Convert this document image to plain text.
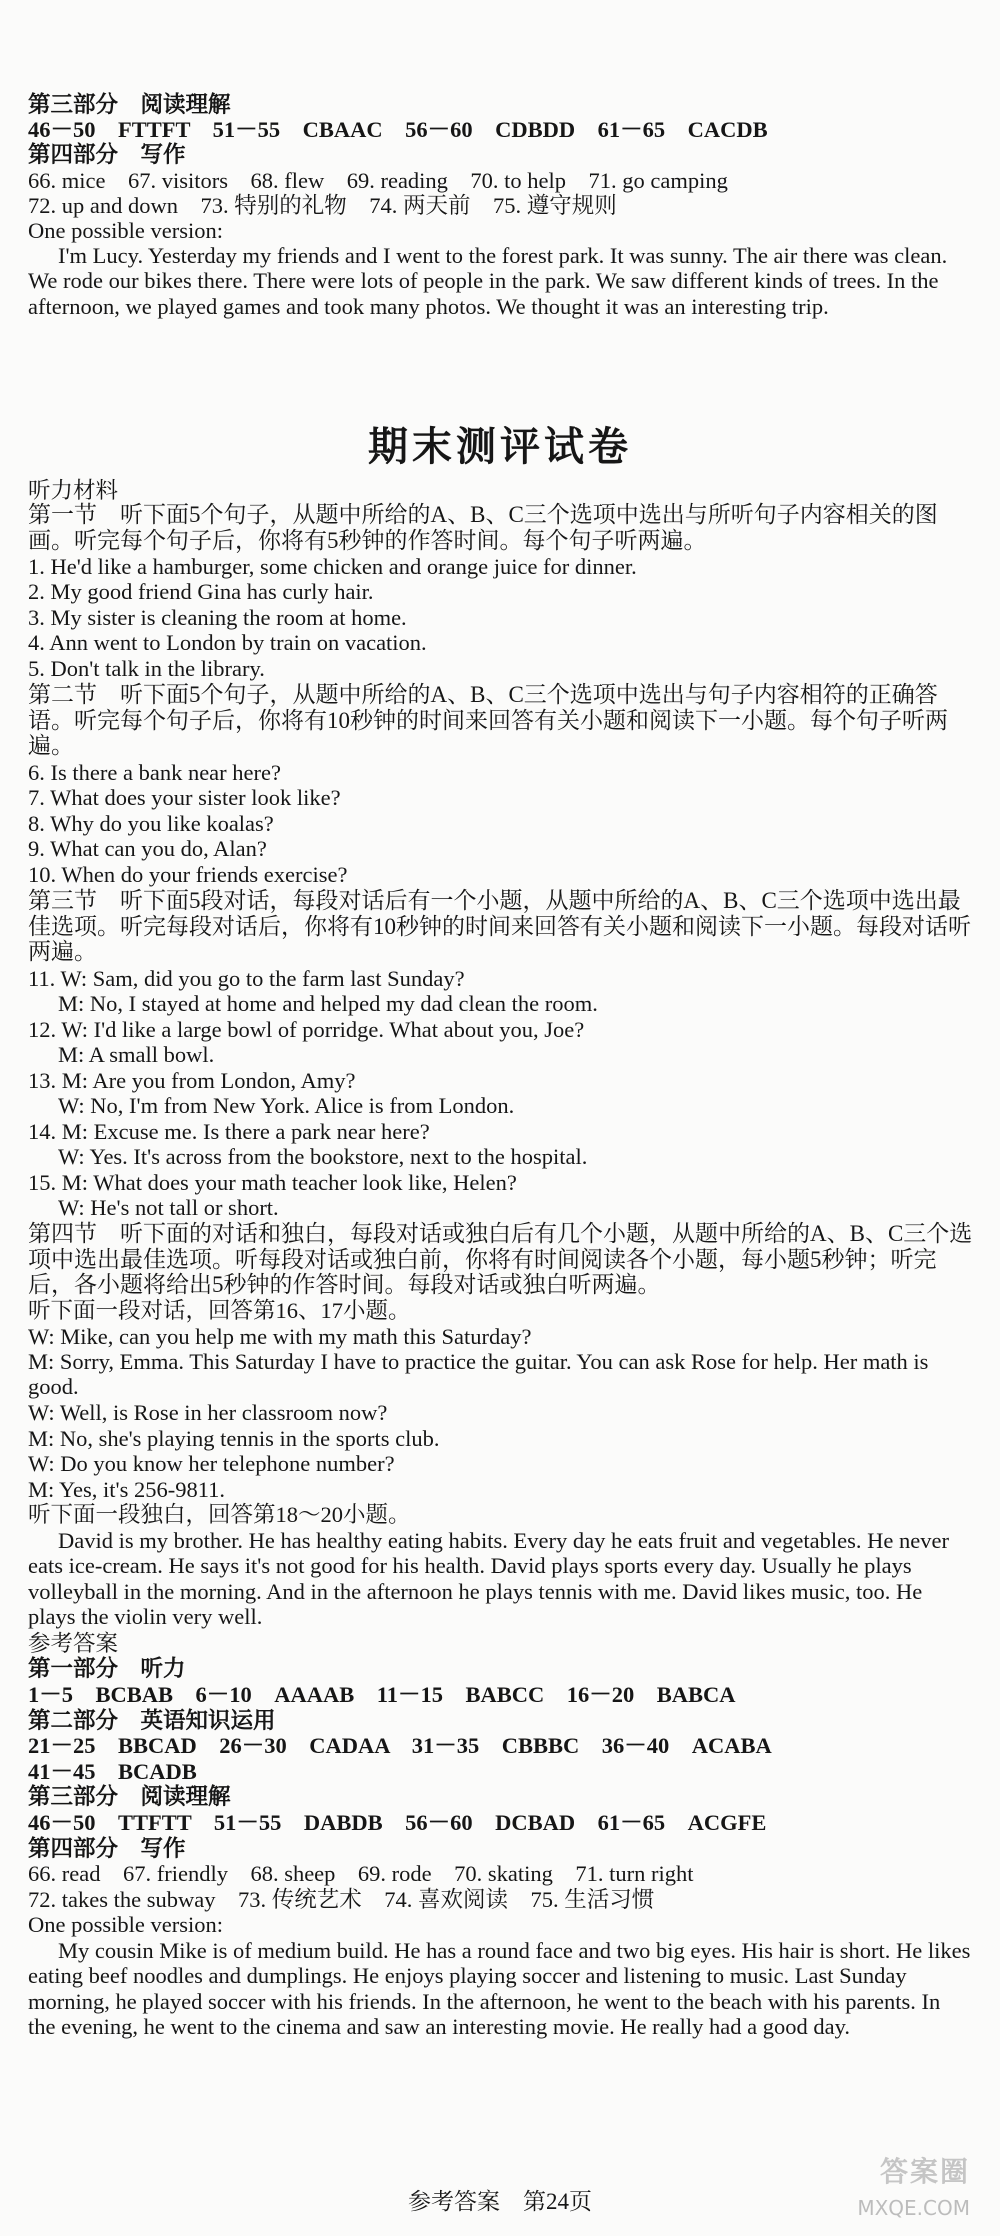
第三部分　阅读理解
46－50　FTTFT　51－55　CBAAC　56－60　CDBDD　61－65　CACDB
第四部分　写作
66. mice　67. visitors　68. flew　69. reading　70. to help　71. go camping
72. up and down　73. 特别的礼物　74. 两天前　75. 遵守规则
One possible version:
I'm Lucy. Yesterday my friends and I went to the forest park. It was sunny. The air there was clean. We rode our bikes there. There were lots of people in the park. We saw different kinds of trees. In the afternoon, we played games and took many photos. We thought it was an interesting trip.
期末测评试卷
听力材料
第一节　听下面5个句子，从题中所给的A、B、C三个选项中选出与所听句子内容相关的图画。听完每个句子后，你将有5秒钟的作答时间。每个句子听两遍。
1. He'd like a hamburger, some chicken and orange juice for dinner.
2. My good friend Gina has curly hair.
3. My sister is cleaning the room at home.
4. Ann went to London by train on vacation.
5. Don't talk in the library.
第二节　听下面5个句子，从题中所给的A、B、C三个选项中选出与句子内容相符的正确答语。听完每个句子后，你将有10秒钟的时间来回答有关小题和阅读下一小题。每个句子听两遍。
6. Is there a bank near here?
7. What does your sister look like?
8. Why do you like koalas?
9. What can you do, Alan?
10. When do your friends exercise?
第三节　听下面5段对话，每段对话后有一个小题，从题中所给的A、B、C三个选项中选出最佳选项。听完每段对话后，你将有10秒钟的时间来回答有关小题和阅读下一小题。每段对话听两遍。
11. W: Sam, did you go to the farm last Sunday?
M: No, I stayed at home and helped my dad clean the room.
12. W: I'd like a large bowl of porridge. What about you, Joe?
M: A small bowl.
13. M: Are you from London, Amy?
W: No, I'm from New York. Alice is from London.
14. M: Excuse me. Is there a park near here?
W: Yes. It's across from the bookstore, next to the hospital.
15. M: What does your math teacher look like, Helen?
W: He's not tall or short.
第四节　听下面的对话和独白，每段对话或独白后有几个小题，从题中所给的A、B、C三个选项中选出最佳选项。听每段对话或独白前，你将有时间阅读各个小题，每小题5秒钟；听完后，各小题将给出5秒钟的作答时间。每段对话或独白听两遍。
听下面一段对话，回答第16、17小题。
W: Mike, can you help me with my math this Saturday?
M: Sorry, Emma. This Saturday I have to practice the guitar. You can ask Rose for help. Her math is good.
W: Well, is Rose in her classroom now?
M: No, she's playing tennis in the sports club.
W: Do you know her telephone number?
M: Yes, it's 256-9811.
听下面一段独白，回答第18～20小题。
David is my brother. He has healthy eating habits. Every day he eats fruit and vegetables. He never eats ice-cream. He says it's not good for his health. David plays sports every day. Usually he plays volleyball in the morning. And in the afternoon he plays tennis with me. David likes music, too. He plays the violin very well.
参考答案
第一部分　听力
1－5　BCBAB　6－10　AAAAB　11－15　BABCC　16－20　BABCA
第二部分　英语知识运用
21－25　BBCAD　26－30　CADAA　31－35　CBBBC　36－40　ACABA
41－45　BCADB
第三部分　阅读理解
46－50　TTFTT　51－55　DABDB　56－60　DCBAD　61－65　ACGFE
第四部分　写作
66. read　67. friendly　68. sheep　69. rode　70. skating　71. turn right
72. takes the subway　73. 传统艺术　74. 喜欢阅读　75. 生活习惯
One possible version:
My cousin Mike is of medium build. He has a round face and two big eyes. His hair is short. He likes eating beef noodles and dumplings. He enjoys playing soccer and listening to music. Last Sunday morning, he played soccer with his friends. In the afternoon, he went to the beach with his parents. In the evening, he went to the cinema and saw an interesting movie. He really had a good day.
参考答案　第24页
答案圈
MXQE.COM
